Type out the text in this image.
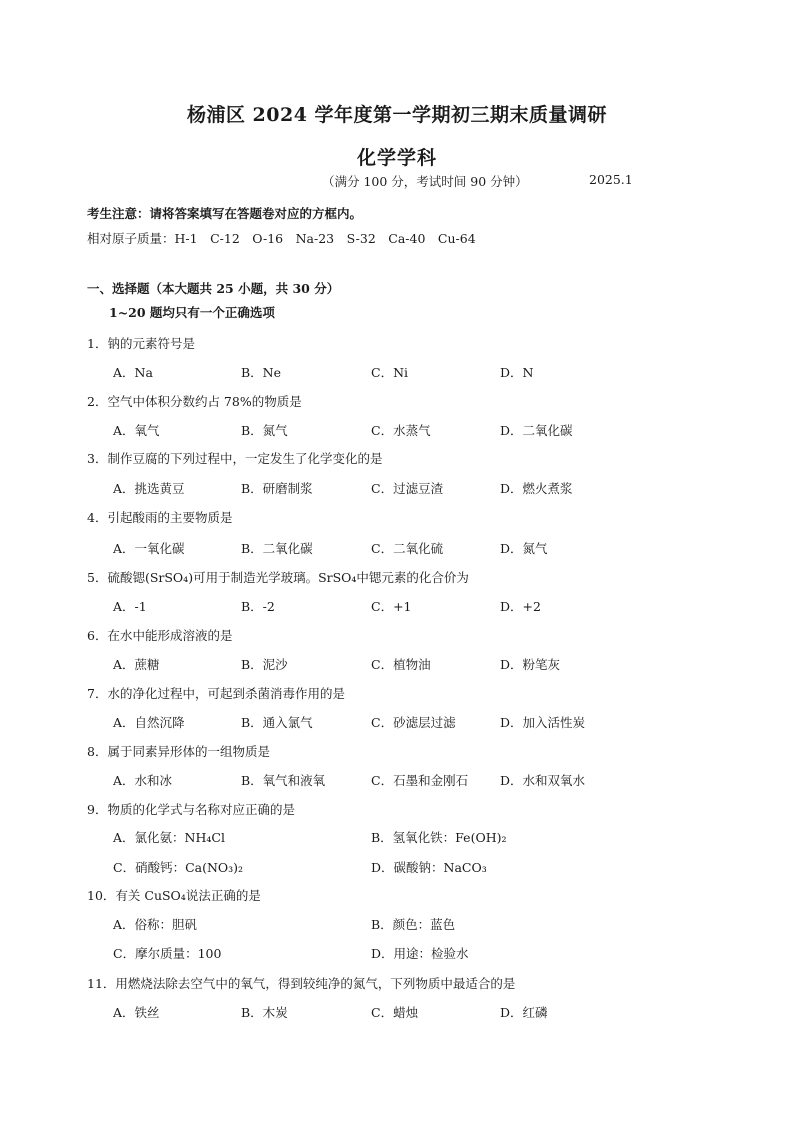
杨浦区 2024 学年度第一学期初三期末质量调研
化学学科
（满分 100 分，考试时间 90 分钟）	2025.1
考生注意：请将答案填写在答题卷对应的方框内。
相对原子质量：H-1　C-12　O-16　Na-23　S-32　Ca-40　Cu-64
一、选择题（本大题共 25 小题，共 30 分）
1~20 题均只有一个正确选项
1．钠的元素符号是
A．Na	B．Ne	C．Ni	D．N
2．空气中体积分数约占 78%的物质是
A．氧气	B．氮气	C．水蒸气	D．二氧化碳
3．制作豆腐的下列过程中，一定发生了化学变化的是
A．挑选黄豆	B．研磨制浆	C．过滤豆渣	D．燃火煮浆
4．引起酸雨的主要物质是
A．一氧化碳	B．二氧化碳	C．二氧化硫	D．氮气
5．硫酸锶(SrSO₄)可用于制造光学玻璃。SrSO₄中锶元素的化合价为
A．-1	B．-2	C．+1	D．+2
6．在水中能形成溶液的是
A．蔗糖	B．泥沙	C．植物油	D．粉笔灰
7．水的净化过程中，可起到杀菌消毒作用的是
A．自然沉降	B．通入氯气	C．砂滤层过滤	D．加入活性炭
8．属于同素异形体的一组物质是
A．水和冰	B．氧气和液氧	C．石墨和金刚石	D．水和双氧水
9．物质的化学式与名称对应正确的是
A．氯化氨：NH₄Cl	B．氢氧化铁：Fe(OH)₂
C．硝酸钙：Ca(NO₃)₂	D．碳酸钠：NaCO₃
10．有关 CuSO₄说法正确的是
A．俗称：胆矾	B．颜色：蓝色
C．摩尔质量：100	D．用途：检验水
11．用燃烧法除去空气中的氧气，得到较纯净的氮气，下列物质中最适合的是
A．铁丝	B．木炭	C．蜡烛	D．红磷
